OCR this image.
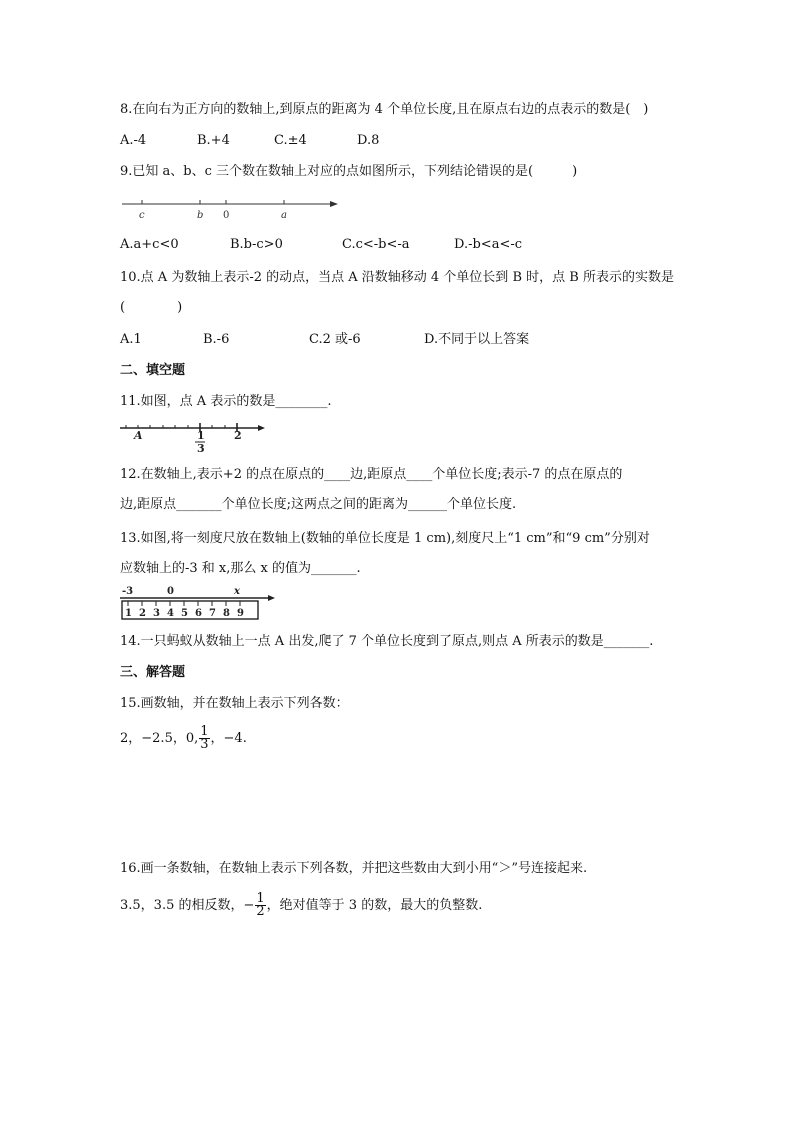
8.在向右为正方向的数轴上,到原点的距离为 4 个单位长度,且在原点右边的点表示的数是( )
A.-4	B.+4	C.±4	D.8
9.已知 a、b、c 三个数在数轴上对应的点如图所示，下列结论错误的是(   )
c	b 0	a
A.a+c<0	B.b-c>0	C.c<-b<-a	D.-b<a<-c
10.点 A 为数轴上表示-2 的动点，当点 A 沿数轴移动 4 个单位长到 B 时，点 B 所表示的实数是
(    )
A.1	B.-6	C.2 或-6	D.不同于以上答案
二、填空题
11.如图，点 A 表示的数是________.
A	1
3
2
12.在数轴上,表示+2 的点在原点的____边,距原点____个单位长度;表示-7 的点在原点的
边,距原点_______个单位长度;这两点之间的距离为______个单位长度.
13.如图,将一刻度尺放在数轴上(数轴的单位长度是 1 cm),刻度尺上“1 cm”和“9 cm”分别对
应数轴上的-3 和 x,那么 x 的值为_______.
-3	0	x
1 2 3 4 5 6 7 8 9
14.一只蚂蚁从数轴上一点 A 出发,爬了 7 个单位长度到了原点,则点 A 所表示的数是_______.
三、解答题
15.画数轴，并在数轴上表示下列各数：
2，−2.5，0, $\frac{1}{3}$ ，−4.
16.画一条数轴，在数轴上表示下列各数，并把这些数由大到小用“＞”号连接起来.
3.5，3.5 的相反数，− $\frac{1}{2}$ ，绝对值等于 3 的数，最大的负整数.
